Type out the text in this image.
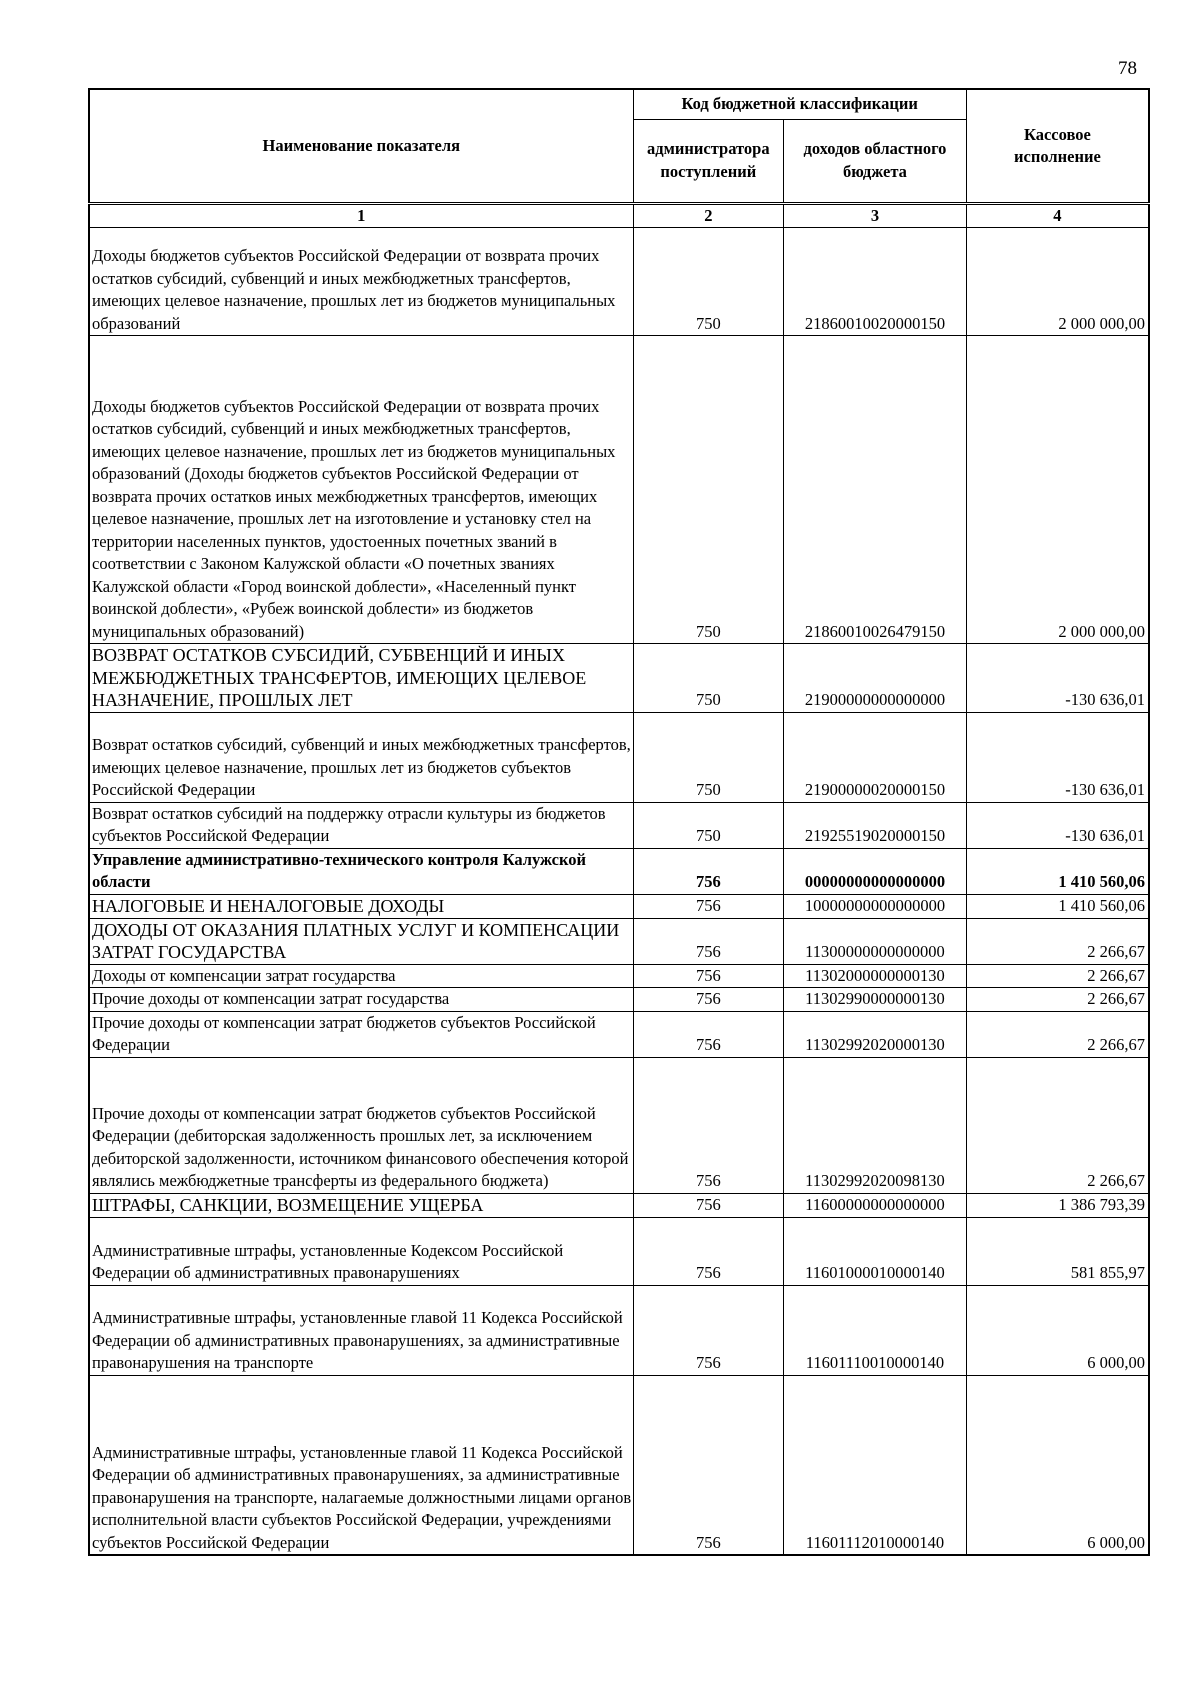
78
Наименование показателя	Код бюджетной классификации		Кассовое исполнение
	администратора поступлений	доходов областного бюджета	
1	2	3	4
Доходы бюджетов субъектов Российской Федерации от возврата прочих остатков субсидий, субвенций и иных межбюджетных трансфертов, имеющих целевое назначение, прошлых лет из бюджетов муниципальных образований	750	21860010020000150	2 000 000,00
Доходы бюджетов субъектов Российской Федерации от возврата прочих остатков субсидий, субвенций и иных межбюджетных трансфертов, имеющих целевое назначение, прошлых лет из бюджетов муниципальных образований (Доходы бюджетов субъектов Российской Федерации от возврата прочих остатков иных межбюджетных трансфертов, имеющих целевое назначение, прошлых лет на изготовление и установку стел на территории населенных пунктов, удостоенных почетных званий в соответствии с Законом Калужской области «О почетных званиях Калужской области «Город воинской доблести», «Населенный пункт воинской доблести», «Рубеж воинской доблести» из бюджетов муниципальных образований)	750	21860010026479150	2 000 000,00
ВОЗВРАТ ОСТАТКОВ СУБСИДИЙ, СУБВЕНЦИЙ И ИНЫХ МЕЖБЮДЖЕТНЫХ ТРАНСФЕРТОВ, ИМЕЮЩИХ ЦЕЛЕВОЕ НАЗНАЧЕНИЕ, ПРОШЛЫХ ЛЕТ	750	21900000000000000	-130 636,01
Возврат остатков субсидий, субвенций и иных межбюджетных трансфертов, имеющих целевое назначение, прошлых лет из бюджетов субъектов Российской Федерации	750	21900000020000150	-130 636,01
Возврат остатков субсидий на поддержку отрасли культуры из бюджетов субъектов Российской Федерации	750	21925519020000150	-130 636,01
Управление административно-технического контроля Калужской области	756	00000000000000000	1 410 560,06
НАЛОГОВЫЕ И НЕНАЛОГОВЫЕ ДОХОДЫ	756	10000000000000000	1 410 560,06
ДОХОДЫ ОТ ОКАЗАНИЯ ПЛАТНЫХ УСЛУГ И КОМПЕНСАЦИИ ЗАТРАТ ГОСУДАРСТВА	756	11300000000000000	2 266,67
Доходы от компенсации затрат государства	756	11302000000000130	2 266,67
Прочие доходы от компенсации затрат государства	756	11302990000000130	2 266,67
Прочие доходы от компенсации затрат бюджетов субъектов Российской Федерации	756	11302992020000130	2 266,67
Прочие доходы от компенсации затрат бюджетов субъектов Российской Федерации (дебиторская задолженность прошлых лет, за исключением дебиторской задолженности, источником финансового обеспечения которой являлись межбюджетные трансферты из федерального бюджета)	756	11302992020098130	2 266,67
ШТРАФЫ, САНКЦИИ, ВОЗМЕЩЕНИЕ УЩЕРБА	756	11600000000000000	1 386 793,39
Административные штрафы, установленные Кодексом Российской Федерации об административных правонарушениях	756	11601000010000140	581 855,97
Административные штрафы, установленные главой 11 Кодекса Российской Федерации об административных правонарушениях, за административные правонарушения на транспорте	756	11601110010000140	6 000,00
Административные штрафы, установленные главой 11 Кодекса Российской Федерации об административных правонарушениях, за административные правонарушения на транспорте, налагаемые должностными лицами органов исполнительной власти субъектов Российской Федерации, учреждениями субъектов Российской Федерации	756	11601112010000140	6 000,00
